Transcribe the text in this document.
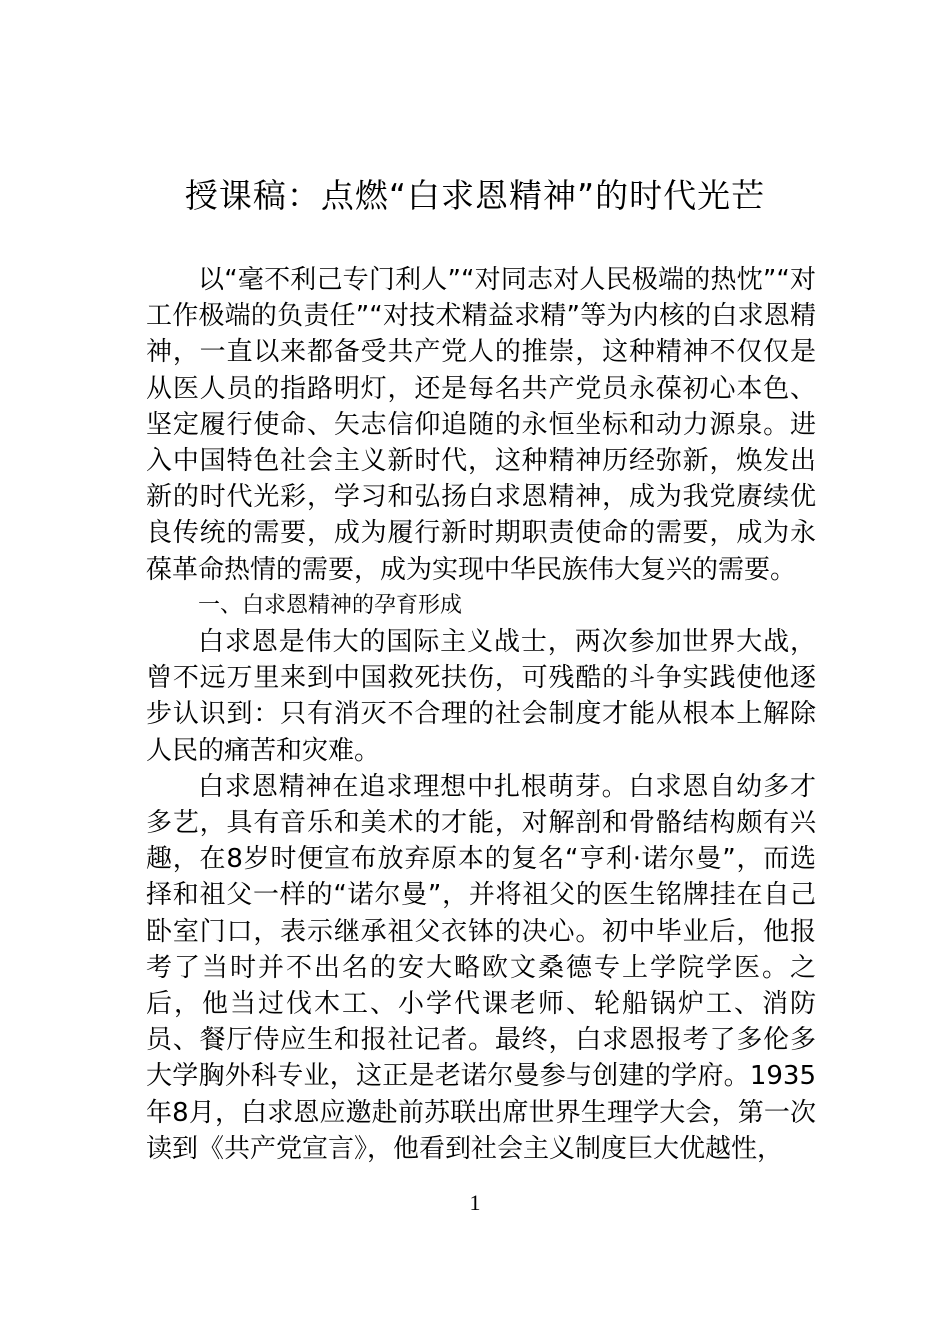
授课稿：点燃“白求恩精神”的时代光芒

以“毫不利己专门利人”“对同志对人民极端的热忱”“对工作极端的负责任”“对技术精益求精”等为内核的白求恩精神，一直以来都备受共产党人的推崇，这种精神不仅仅是从医人员的指路明灯，还是每名共产党员永葆初心本色、坚定履行使命、矢志信仰追随的永恒坐标和动力源泉。进入中国特色社会主义新时代，这种精神历经弥新，焕发出新的时代光彩，学习和弘扬白求恩精神，成为我党赓续优良传统的需要，成为履行新时期职责使命的需要，成为永葆革命热情的需要，成为实现中华民族伟大复兴的需要。

一、白求恩精神的孕育形成

白求恩是伟大的国际主义战士，两次参加世界大战，曾不远万里来到中国救死扶伤，可残酷的斗争实践使他逐步认识到：只有消灭不合理的社会制度才能从根本上解除人民的痛苦和灾难。

白求恩精神在追求理想中扎根萌芽。白求恩自幼多才多艺，具有音乐和美术的才能，对解剖和骨骼结构颇有兴趣，在8岁时便宣布放弃原本的复名“亨利·诺尔曼”，而选择和祖父一样的“诺尔曼”，并将祖父的医生铭牌挂在自己卧室门口，表示继承祖父衣钵的决心。初中毕业后，他报考了当时并不出名的安大略欧文桑德专上学院学医。之后，他当过伐木工、小学代课老师、轮船锅炉工、消防员、餐厅侍应生和报社记者。最终，白求恩报考了多伦多大学胸外科专业，这正是老诺尔曼参与创建的学府。1935年8月，白求恩应邀赴前苏联出席世界生理学大会，第一次读到《共产党宣言》，他看到社会主义制度巨大优越性，

1
